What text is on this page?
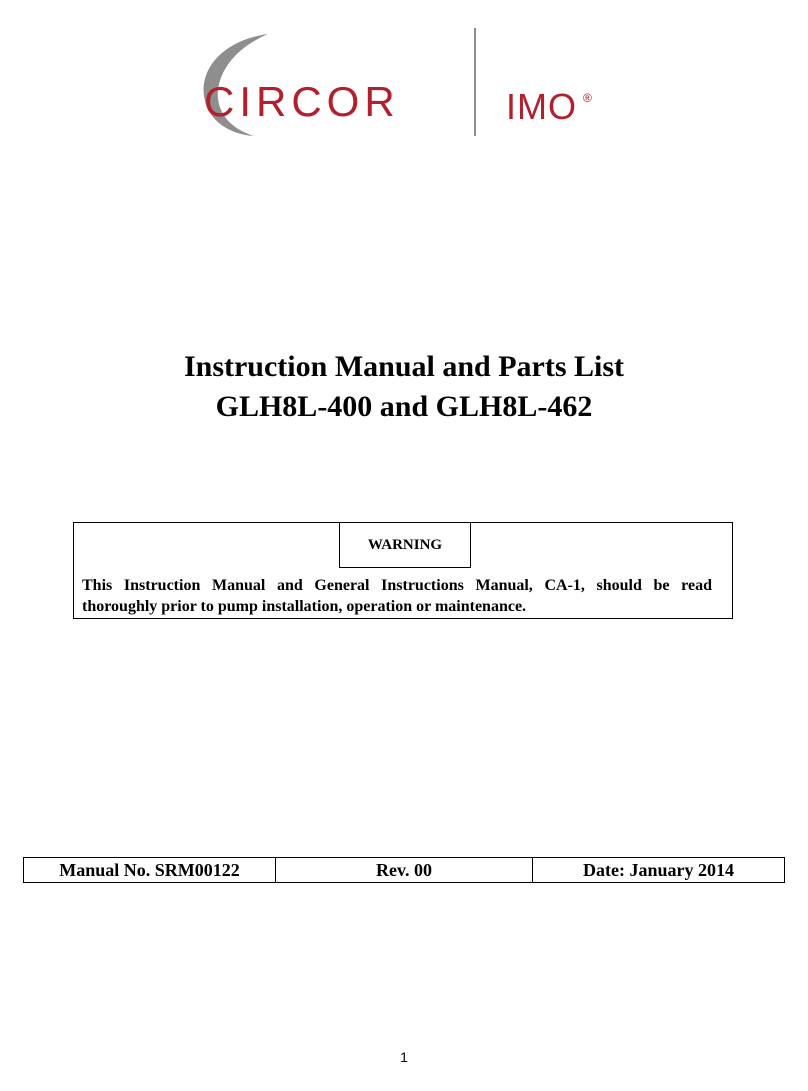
CIRCOR	IMO ®
Instruction Manual and Parts List
GLH8L-400 and GLH8L-462
WARNING
This Instruction Manual and General Instructions Manual, CA-1, should be read thoroughly prior to pump installation, operation or maintenance.
Manual No. SRM00122	Rev. 00	Date: January 2014
1
